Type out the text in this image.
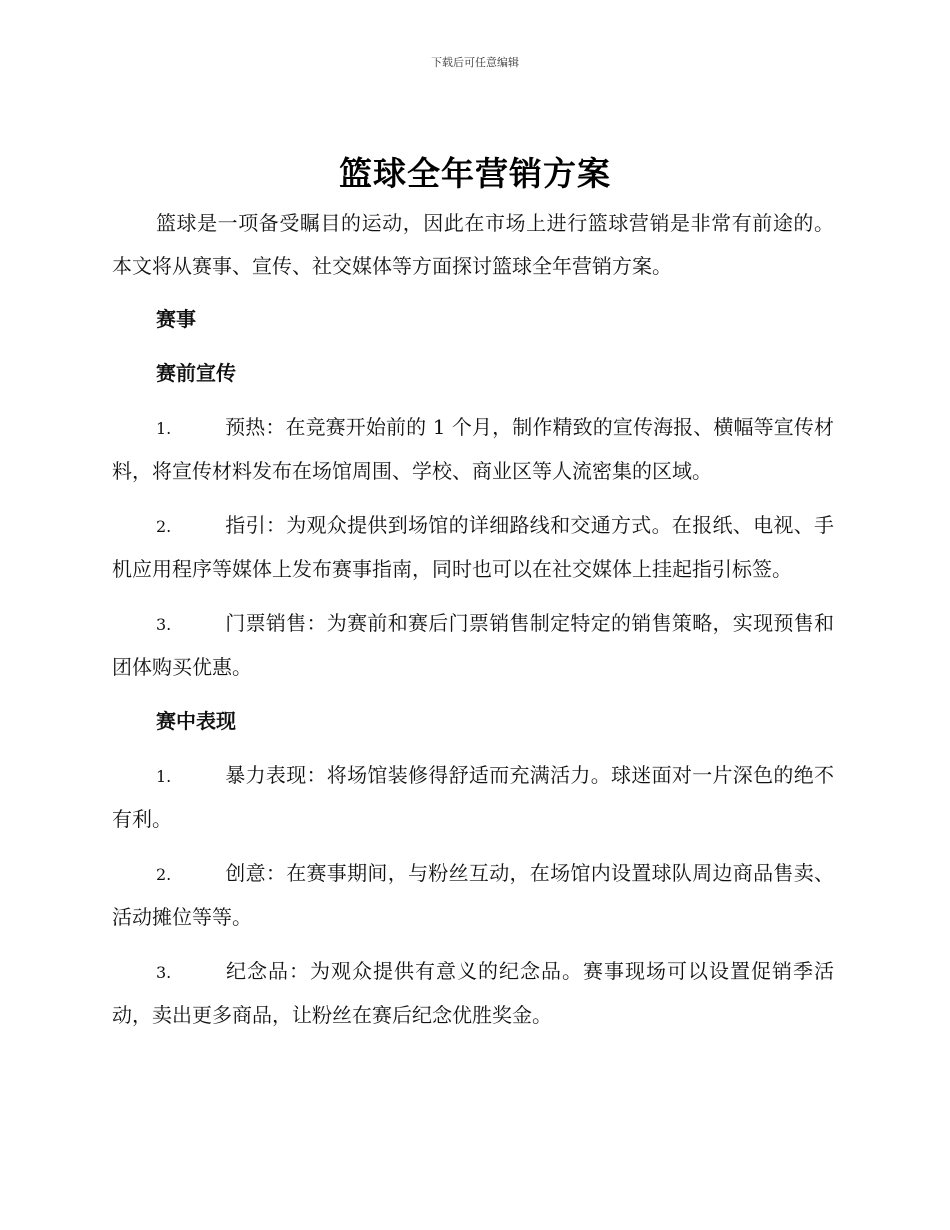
下载后可任意编辑
篮球全年营销方案

篮球是一项备受瞩目的运动，因此在市场上进行篮球营销是非常有前途的。本文将从赛事、宣传、社交媒体等方面探讨篮球全年营销方案。

赛事
赛前宣传

1.	预热：在竞赛开始前的 1 个月，制作精致的宣传海报、横幅等宣传材料，将宣传材料发布在场馆周围、学校、商业区等人流密集的区域。

2.	指引：为观众提供到场馆的详细路线和交通方式。在报纸、电视、手机应用程序等媒体上发布赛事指南，同时也可以在社交媒体上挂起指引标签。

3.	门票销售：为赛前和赛后门票销售制定特定的销售策略，实现预售和团体购买优惠。

赛中表现

1.	暴力表现：将场馆装修得舒适而充满活力。球迷面对一片深色的绝不有利。

2.	创意：在赛事期间，与粉丝互动，在场馆内设置球队周边商品售卖、活动摊位等等。

3.	纪念品：为观众提供有意义的纪念品。赛事现场可以设置促销季活动，卖出更多商品，让粉丝在赛后纪念优胜奖金。
